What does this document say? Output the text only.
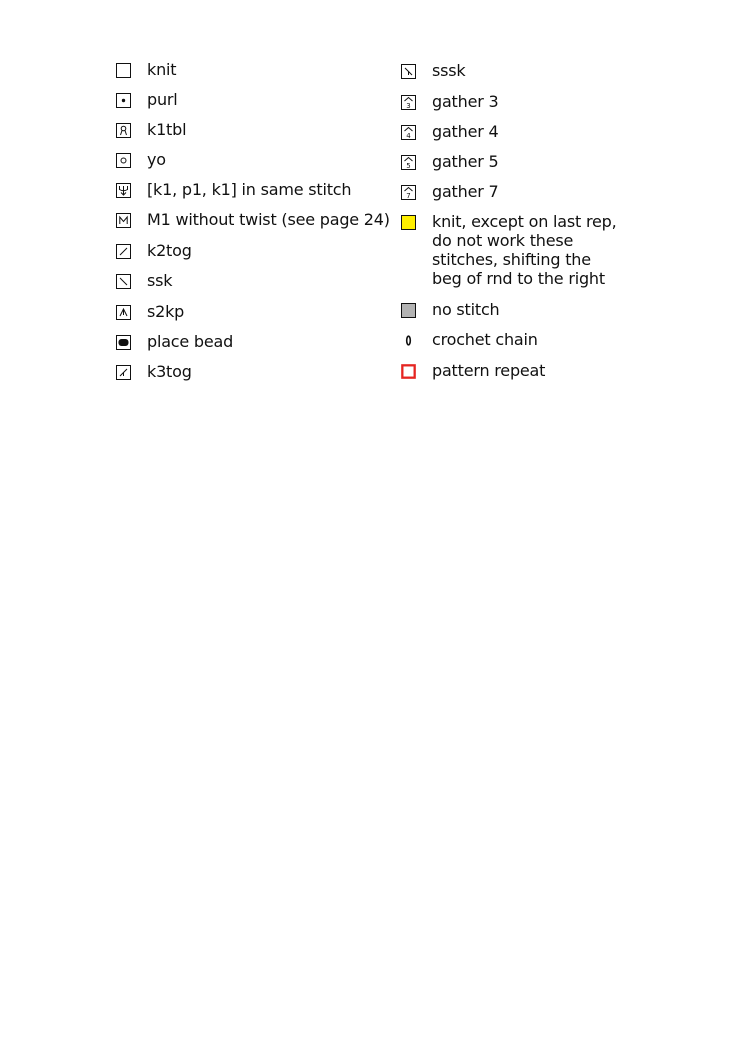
knit
purl
k1tbl
yo
[k1, p1, k1] in same stitch
M1 without twist (see page 24)
k2tog
ssk
s2kp
place bead
k3tog
sssk
3 gather 3
4 gather 4
5 gather 5
7 gather 7
knit, except on last rep, do not work these stitches, shifting the beg of rnd to the right
no stitch
crochet chain
pattern repeat
